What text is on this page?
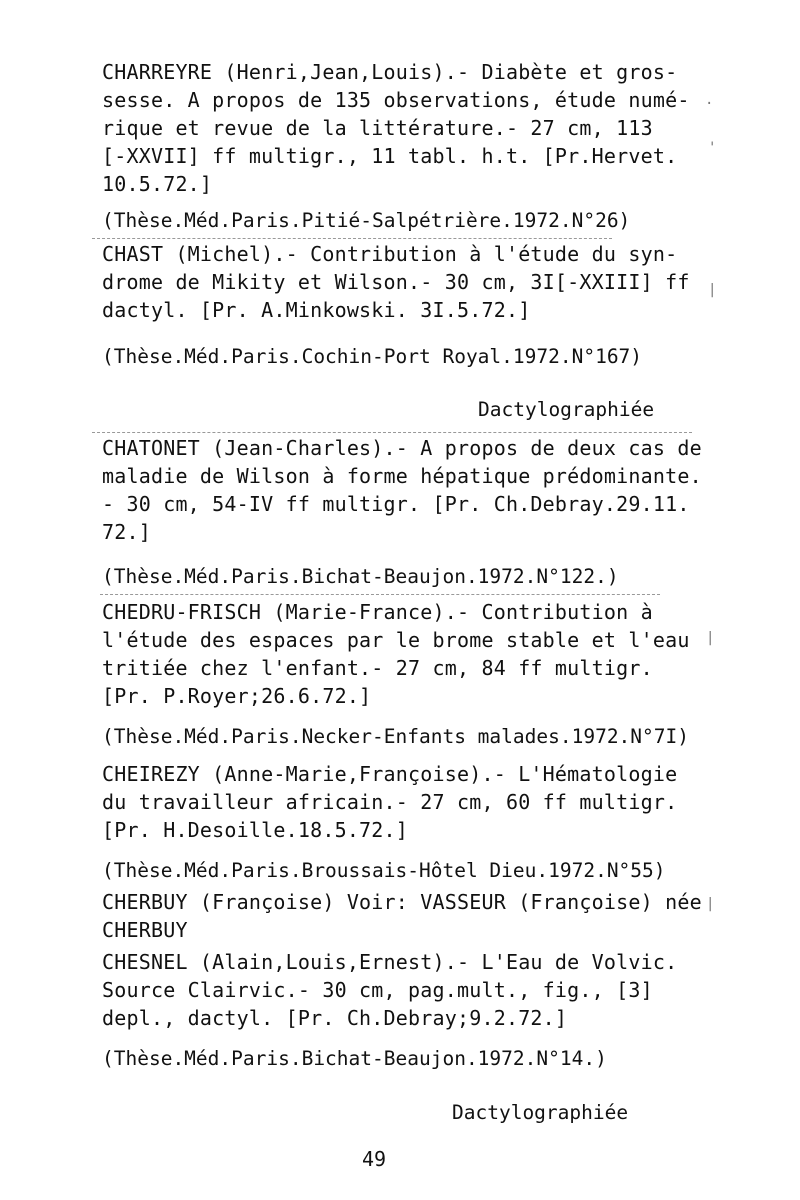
CHARREYRE (Henri,Jean,Louis).- Diabète et gros-
sesse. A propos de 135 observations, étude numé-
rique et revue de la littérature.- 27 cm, 113
[-XXVII] ff multigr., 11 tabl. h.t. [Pr.Hervet.
10.5.72.]
(Thèse.Méd.Paris.Pitié-Salpétrière.1972.N°26)
CHAST (Michel).- Contribution à l'étude du syn-
drome de Mikity et Wilson.- 30 cm, 3I[-XXIII] ff
dactyl. [Pr. A.Minkowski. 3I.5.72.]
(Thèse.Méd.Paris.Cochin-Port Royal.1972.N°167)
Dactylographiée
CHATONET (Jean-Charles).- A propos de deux cas de
maladie de Wilson à forme hépatique prédominante.
- 30 cm, 54-IV ff multigr. [Pr. Ch.Debray.29.11.
72.]
(Thèse.Méd.Paris.Bichat-Beaujon.1972.N°122.)
CHEDRU-FRISCH (Marie-France).- Contribution à
l'étude des espaces par le brome stable et l'eau
tritiée chez l'enfant.- 27 cm, 84 ff multigr.
[Pr. P.Royer;26.6.72.]
(Thèse.Méd.Paris.Necker-Enfants malades.1972.N°7I)
CHEIREZY (Anne-Marie,Françoise).- L'Hématologie
du travailleur africain.- 27 cm, 60 ff multigr.
[Pr. H.Desoille.18.5.72.]
(Thèse.Méd.Paris.Broussais-Hôtel Dieu.1972.N°55)
CHERBUY (Françoise) Voir: VASSEUR (Françoise) née
CHERBUY
CHESNEL (Alain,Louis,Ernest).- L'Eau de Volvic.
Source Clairvic.- 30 cm, pag.mult., fig., [3]
depl., dactyl. [Pr. Ch.Debray;9.2.72.]
(Thèse.Méd.Paris.Bichat-Beaujon.1972.N°14.)
Dactylographiée
49
.
'
|
|
|
